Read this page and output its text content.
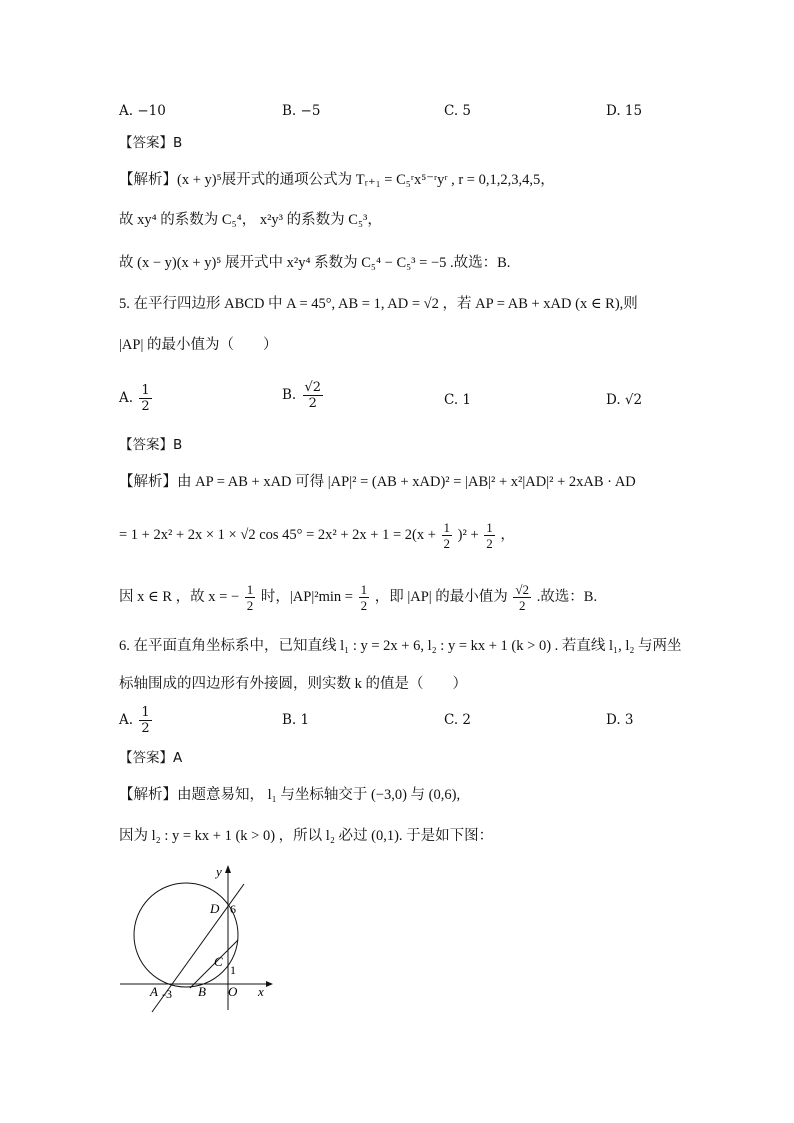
A. −10	B. −5	C. 5	D. 15
【答案】B
【解析】(x + y)⁵展开式的通项公式为 Tᵣ₊₁ = C₅ʳx⁵⁻ʳyʳ , r = 0,1,2,3,4,5，
故 xy⁴ 的系数为 C₅⁴， x²y³ 的系数为 C₅³，
故 (x − y)(x + y)⁵ 展开式中 x²y⁴ 系数为 C₅⁴ − C₅³ = −5 .故选：B.
5. 在平行四边形 ABCD 中 A = 45°, AB = 1, AD = √2 ，若 AP = AB + xAD (x ∈ R),则
|AP| 的最小值为（　　）
A. $\frac{1}{2}$	B. $\frac{√2}{2}$	C. 1	D. √2
【答案】B
【解析】由 AP = AB + xAD 可得 |AP|² = (AB + xAD)² = |AB|² + x²|AD|² + 2xAB · AD
= 1 + 2x² + 2x × 1 × √2 $\cos 45^\circ = 2x^2 + 2x + 1 = 2(x + \frac{1}{2} )^2 + \frac{1}{2}$ ，
因 x ∈ R ，故 x = − $\frac{1}{2}$ 时，$|AP|^2\min = \frac{1}{2}$ ，即 |AP| 的最小值为 $\frac{√2}{2}$ .故选：B.
6. 在平面直角坐标系中，已知直线 l₁ : y = 2x + 6, l₂ : y = kx + 1 (k > 0) . 若直线 l₁, l₂ 与两坐
标轴围成的四边形有外接圆，则实数 k 的值是（　　）
A. $\frac{1}{2}$	B. 1	C. 2	D. 3
【答案】A
【解析】由题意易知， l₁ 与坐标轴交于 (−3,0) 与 (0,6),
因为 l₂ : y = kx + 1 (k > 0) ，所以 l₂ 必过 (0,1). 于是如下图：
y
x
D 6
C
1
A -3 B O
